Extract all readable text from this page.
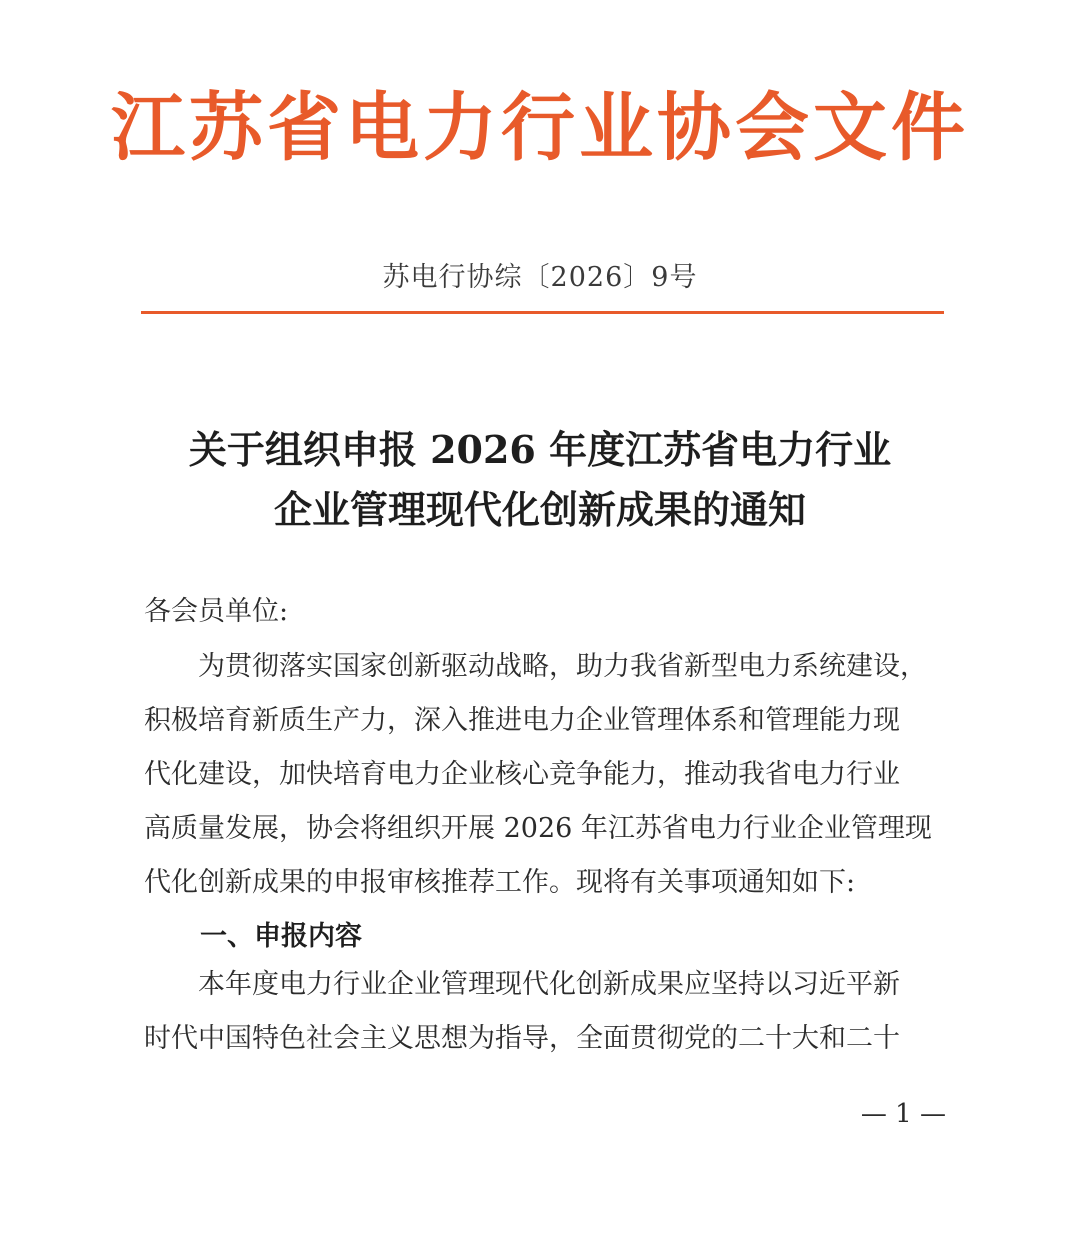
江苏省电力行业协会文件
苏电行协综〔2026〕9号
关于组织申报 2026 年度江苏省电力行业
企业管理现代化创新成果的通知
各会员单位:
　　为贯彻落实国家创新驱动战略，助力我省新型电力系统建设，
积极培育新质生产力，深入推进电力企业管理体系和管理能力现
代化建设，加快培育电力企业核心竞争能力，推动我省电力行业
高质量发展，协会将组织开展 2026 年江苏省电力行业企业管理现
代化创新成果的申报审核推荐工作。现将有关事项通知如下:
一、申报内容
　　本年度电力行业企业管理现代化创新成果应坚持以习近平新
时代中国特色社会主义思想为指导，全面贯彻党的二十大和二十
— 1 —
